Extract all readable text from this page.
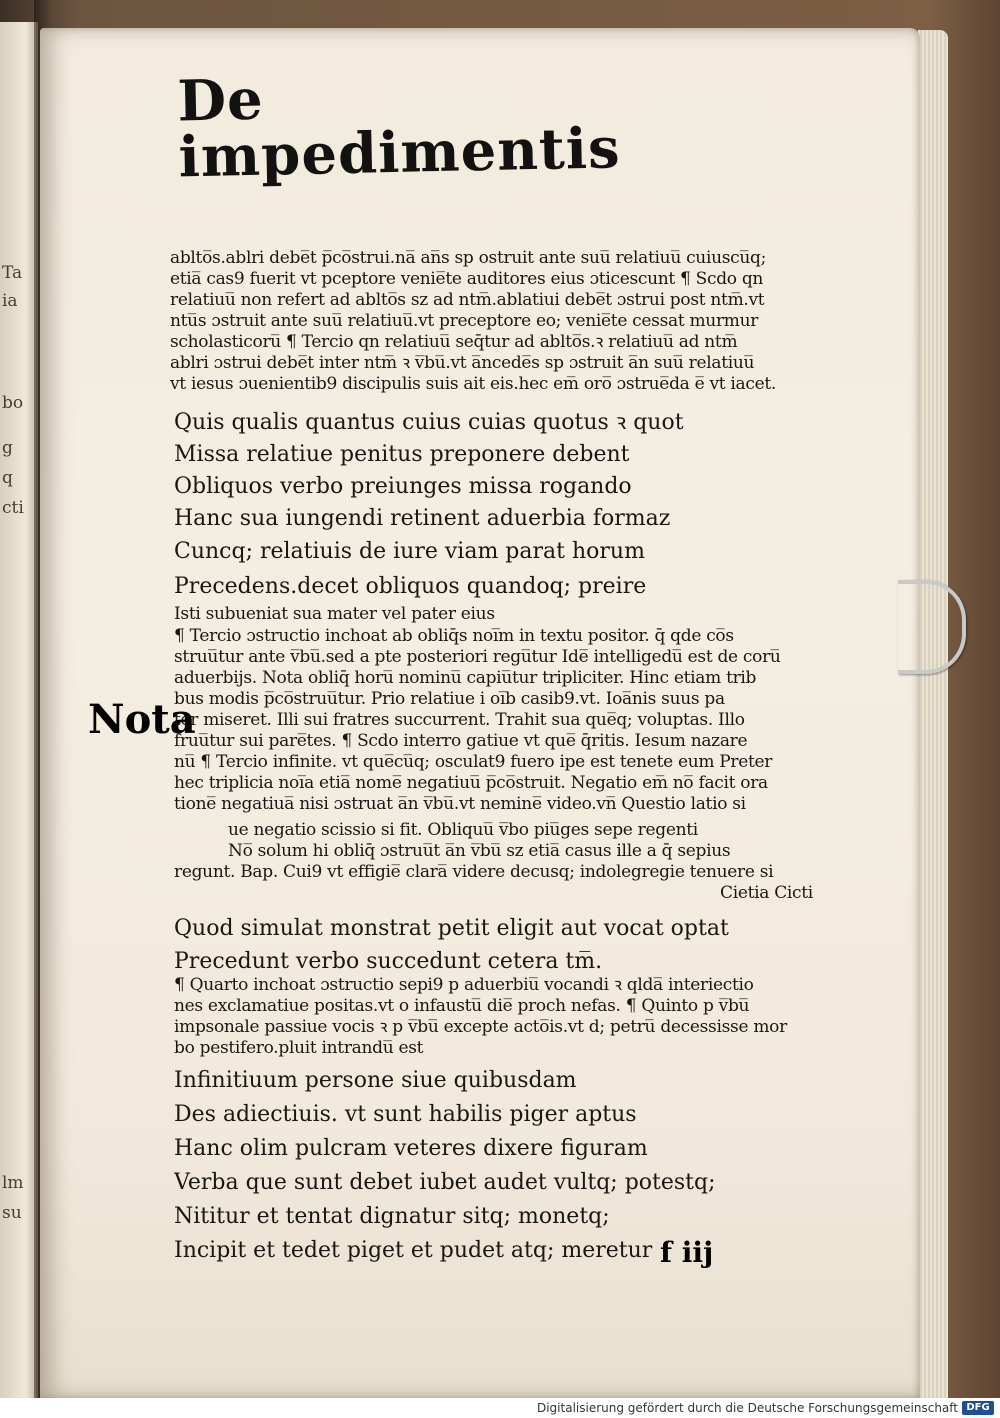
Ta
ia
bo
g
q
cti
lm
su
De impedimentis
ablto̅s.ablri debe̅t p̅co̅strui.na̅ an̅s sp ostruit ante suu̅ relatiuu̅ cuiuscu̅q;
etia̅ cas9 fuerit vt pceptore venie̅te auditores eius ɔticescunt ¶ Scdo qn
relatiuu̅ non refert ad ablto̅s sz ad ntm̅.ablatiui debe̅t ɔstrui post ntm̅.vt
ntu̅s ɔstruit ante suu̅ relatiuu̅.vt preceptore eo; venie̅te cessat murmur
scholasticoru̅ ¶ Tercio qn relatiuu̅ seq̄tur ad ablto̅s.ꝛ relatiuu̅ ad ntm̅
ablri ɔstrui debe̅t inter ntm̅ ꝛ v̅bu̅.vt a̅ncede̅s sp ɔstruit a̅n suu̅ relatiuu̅
vt iesus ɔuenientib9 discipulis suis ait eis.hec em̅ oro̅ ɔstrue̅da e̅ vt iacet.
Quis qualis quantus cuius cuias quotus ꝛ quot
Missa relatiue penitus preponere debent
Obliquos verbo preiunges missa rogando
Hanc sua iungendi retinent aduerbia formaz
Cuncq; relatiuis de iure viam parat horum
Precedens.decet obliquos quandoq; preire
Isti subueniat sua mater vel pater eius
¶ Tercio ɔstructio inchoat ab obliq̄s noi̅m in textu positor. q̄ qd̄e co̅s
struu̅tur ante v̅bu̅.sed a pte posteriori regu̅tur Ide̅ intelligedu̅ est de coru̅
aduerbijs. Nota obliq̄ horu̅ nominu̅ capiu̅tur tripliciter. Hinc etiam trib
bus modis p̅co̅struu̅tur. Prio relatiue i oi̅b casib9.vt. Ioa̅nis suus pa
ter miseret. Illi sui fratres succurrent. Trahit sua que̅q; voluptas. Illo
fruu̅tur sui pare̅tes. ¶ Scdo interro gatiue vt que̅ q̄ritis. Iesum nazare
nu̅ ¶ Tercio infinite. vt que̅cu̅q; osculat9 fuero ipe est tenete eum Preter
hec triplicia noi̅a etia̅ nome̅ negatiuu̅ p̅co̅struit. Negatio em̅ no̅ facit ora
tione̅ negatiua̅ nisi ɔstruat a̅n v̅bu̅.vt nemine̅ video.vn̅ Questio latio si
ue negatio scissio si fit. Obliquu̅ v̅bo piu̅ges sepe regenti
No̅ solum hi obliq̄ ɔstruu̅t a̅n v̅bu̅ sz etia̅ casus ille a q̄ sepius
regunt. Bap. Cui9 vt effigie̅ clara̅ videre decusq; indolegregie tenuere si
Cietia Cicti
Quod simulat monstrat petit eligit aut vocat optat
Precedunt verbo succedunt cetera tm̅.
¶ Quarto inchoat ɔstructio sepi9 p aduerbiu̅ vocandi ꝛ qlda̅ interiectio
nes exclamatiue positas.vt o infaustu̅ die̅ proch nefas. ¶ Quinto p v̅bu̅
impsonale passiue vocis ꝛ p v̅bu̅ excepte acto̅is.vt d; petru̅ decessisse mor
bo pestifero.pluit intrandu̅ est
Infinitiuum persone siue quibusdam
Des adiectiuis. vt sunt habilis piger aptus
Hanc olim pulcram veteres dixere figuram
Verba que sunt debet iubet audet vultq; potestq;
Nititur et tentat dignatur sitq; monetq;
Incipit et tedet piget et pudet atq; meretur
Nota
f iij
Digitalisierung gefördert durch die Deutsche Forschungsgemeinschaft DFG
